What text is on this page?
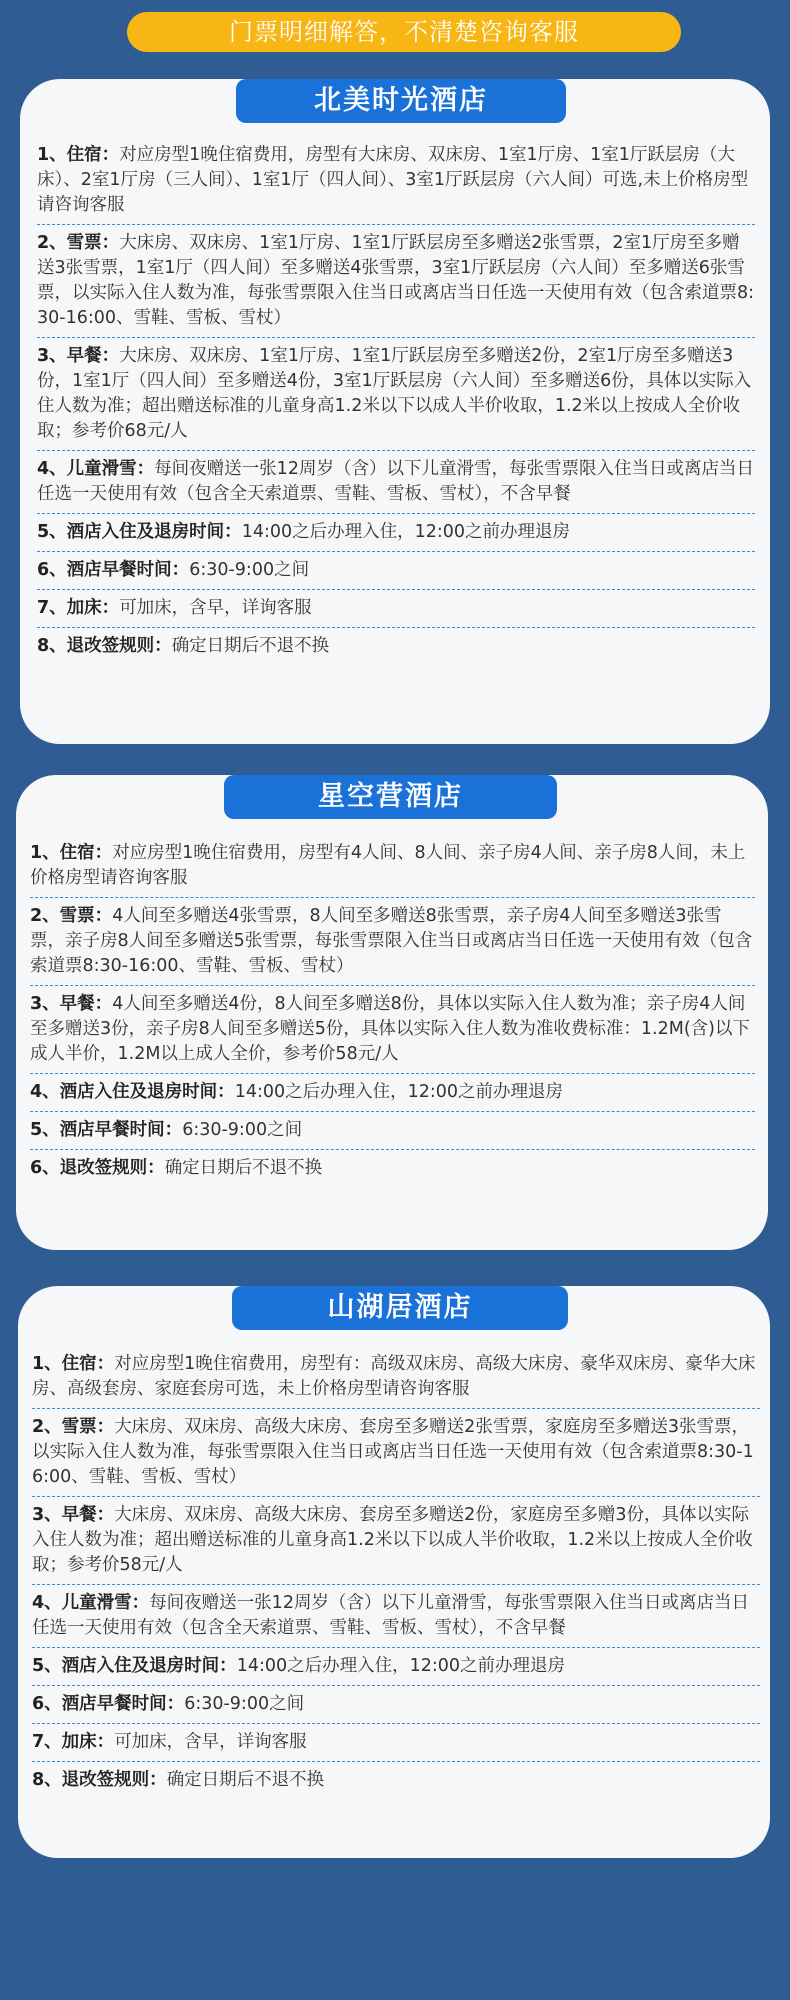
门票明细解答，不清楚咨询客服
北美时光酒店
1、住宿：对应房型1晚住宿费用，房型有大床房、双床房、1室1厅房、1室1厅跃层房（大床）、2室1厅房（三人间）、1室1厅（四人间）、3室1厅跃层房（六人间）可选,未上价格房型请咨询客服
2、雪票：大床房、双床房、1室1厅房、1室1厅跃层房至多赠送2张雪票，2室1厅房至多赠送3张雪票，1室1厅（四人间）至多赠送4张雪票，3室1厅跃层房（六人间）至多赠送6张雪票，以实际入住人数为准，每张雪票限入住当日或离店当日任选一天使用有效（包含索道票8:30-16:00、雪鞋、雪板、雪杖）
3、早餐：大床房、双床房、1室1厅房、1室1厅跃层房至多赠送2份，2室1厅房至多赠送3份，1室1厅（四人间）至多赠送4份，3室1厅跃层房（六人间）至多赠送6份，具体以实际入住人数为准；超出赠送标准的儿童身高1.2米以下以成人半价收取，1.2米以上按成人全价收取；参考价68元/人
4、儿童滑雪：每间夜赠送一张12周岁（含）以下儿童滑雪，每张雪票限入住当日或离店当日任选一天使用有效（包含全天索道票、雪鞋、雪板、雪杖），不含早餐
5、酒店入住及退房时间：14:00之后办理入住，12:00之前办理退房
6、酒店早餐时间：6:30-9:00之间
7、加床：可加床，含早，详询客服
8、退改签规则：确定日期后不退不换
星空营酒店
1、住宿：对应房型1晚住宿费用，房型有4人间、8人间、亲子房4人间、亲子房8人间，未上价格房型请咨询客服
2、雪票：4人间至多赠送4张雪票，8人间至多赠送8张雪票，亲子房4人间至多赠送3张雪票，亲子房8人间至多赠送5张雪票，每张雪票限入住当日或离店当日任选一天使用有效（包含索道票8:30-16:00、雪鞋、雪板、雪杖）
3、早餐：4人间至多赠送4份，8人间至多赠送8份，具体以实际入住人数为准；亲子房4人间至多赠送3份，亲子房8人间至多赠送5份，具体以实际入住人数为准收费标准：1.2M(含)以下成人半价，1.2M以上成人全价，参考价58元/人
4、酒店入住及退房时间：14:00之后办理入住，12:00之前办理退房
5、酒店早餐时间：6:30-9:00之间
6、退改签规则：确定日期后不退不换
山湖居酒店
1、住宿：对应房型1晚住宿费用，房型有：高级双床房、高级大床房、豪华双床房、豪华大床房、高级套房、家庭套房可选，未上价格房型请咨询客服
2、雪票：大床房、双床房、高级大床房、套房至多赠送2张雪票，家庭房至多赠送3张雪票，以实际入住人数为准，每张雪票限入住当日或离店当日任选一天使用有效（包含索道票8:30-16:00、雪鞋、雪板、雪杖）
3、早餐：大床房、双床房、高级大床房、套房至多赠送2份，家庭房至多赠3份，具体以实际入住人数为准；超出赠送标准的儿童身高1.2米以下以成人半价收取，1.2米以上按成人全价收取；参考价58元/人
4、儿童滑雪：每间夜赠送一张12周岁（含）以下儿童滑雪，每张雪票限入住当日或离店当日任选一天使用有效（包含全天索道票、雪鞋、雪板、雪杖），不含早餐
5、酒店入住及退房时间：14:00之后办理入住，12:00之前办理退房
6、酒店早餐时间：6:30-9:00之间
7、加床：可加床，含早，详询客服
8、退改签规则：确定日期后不退不换
